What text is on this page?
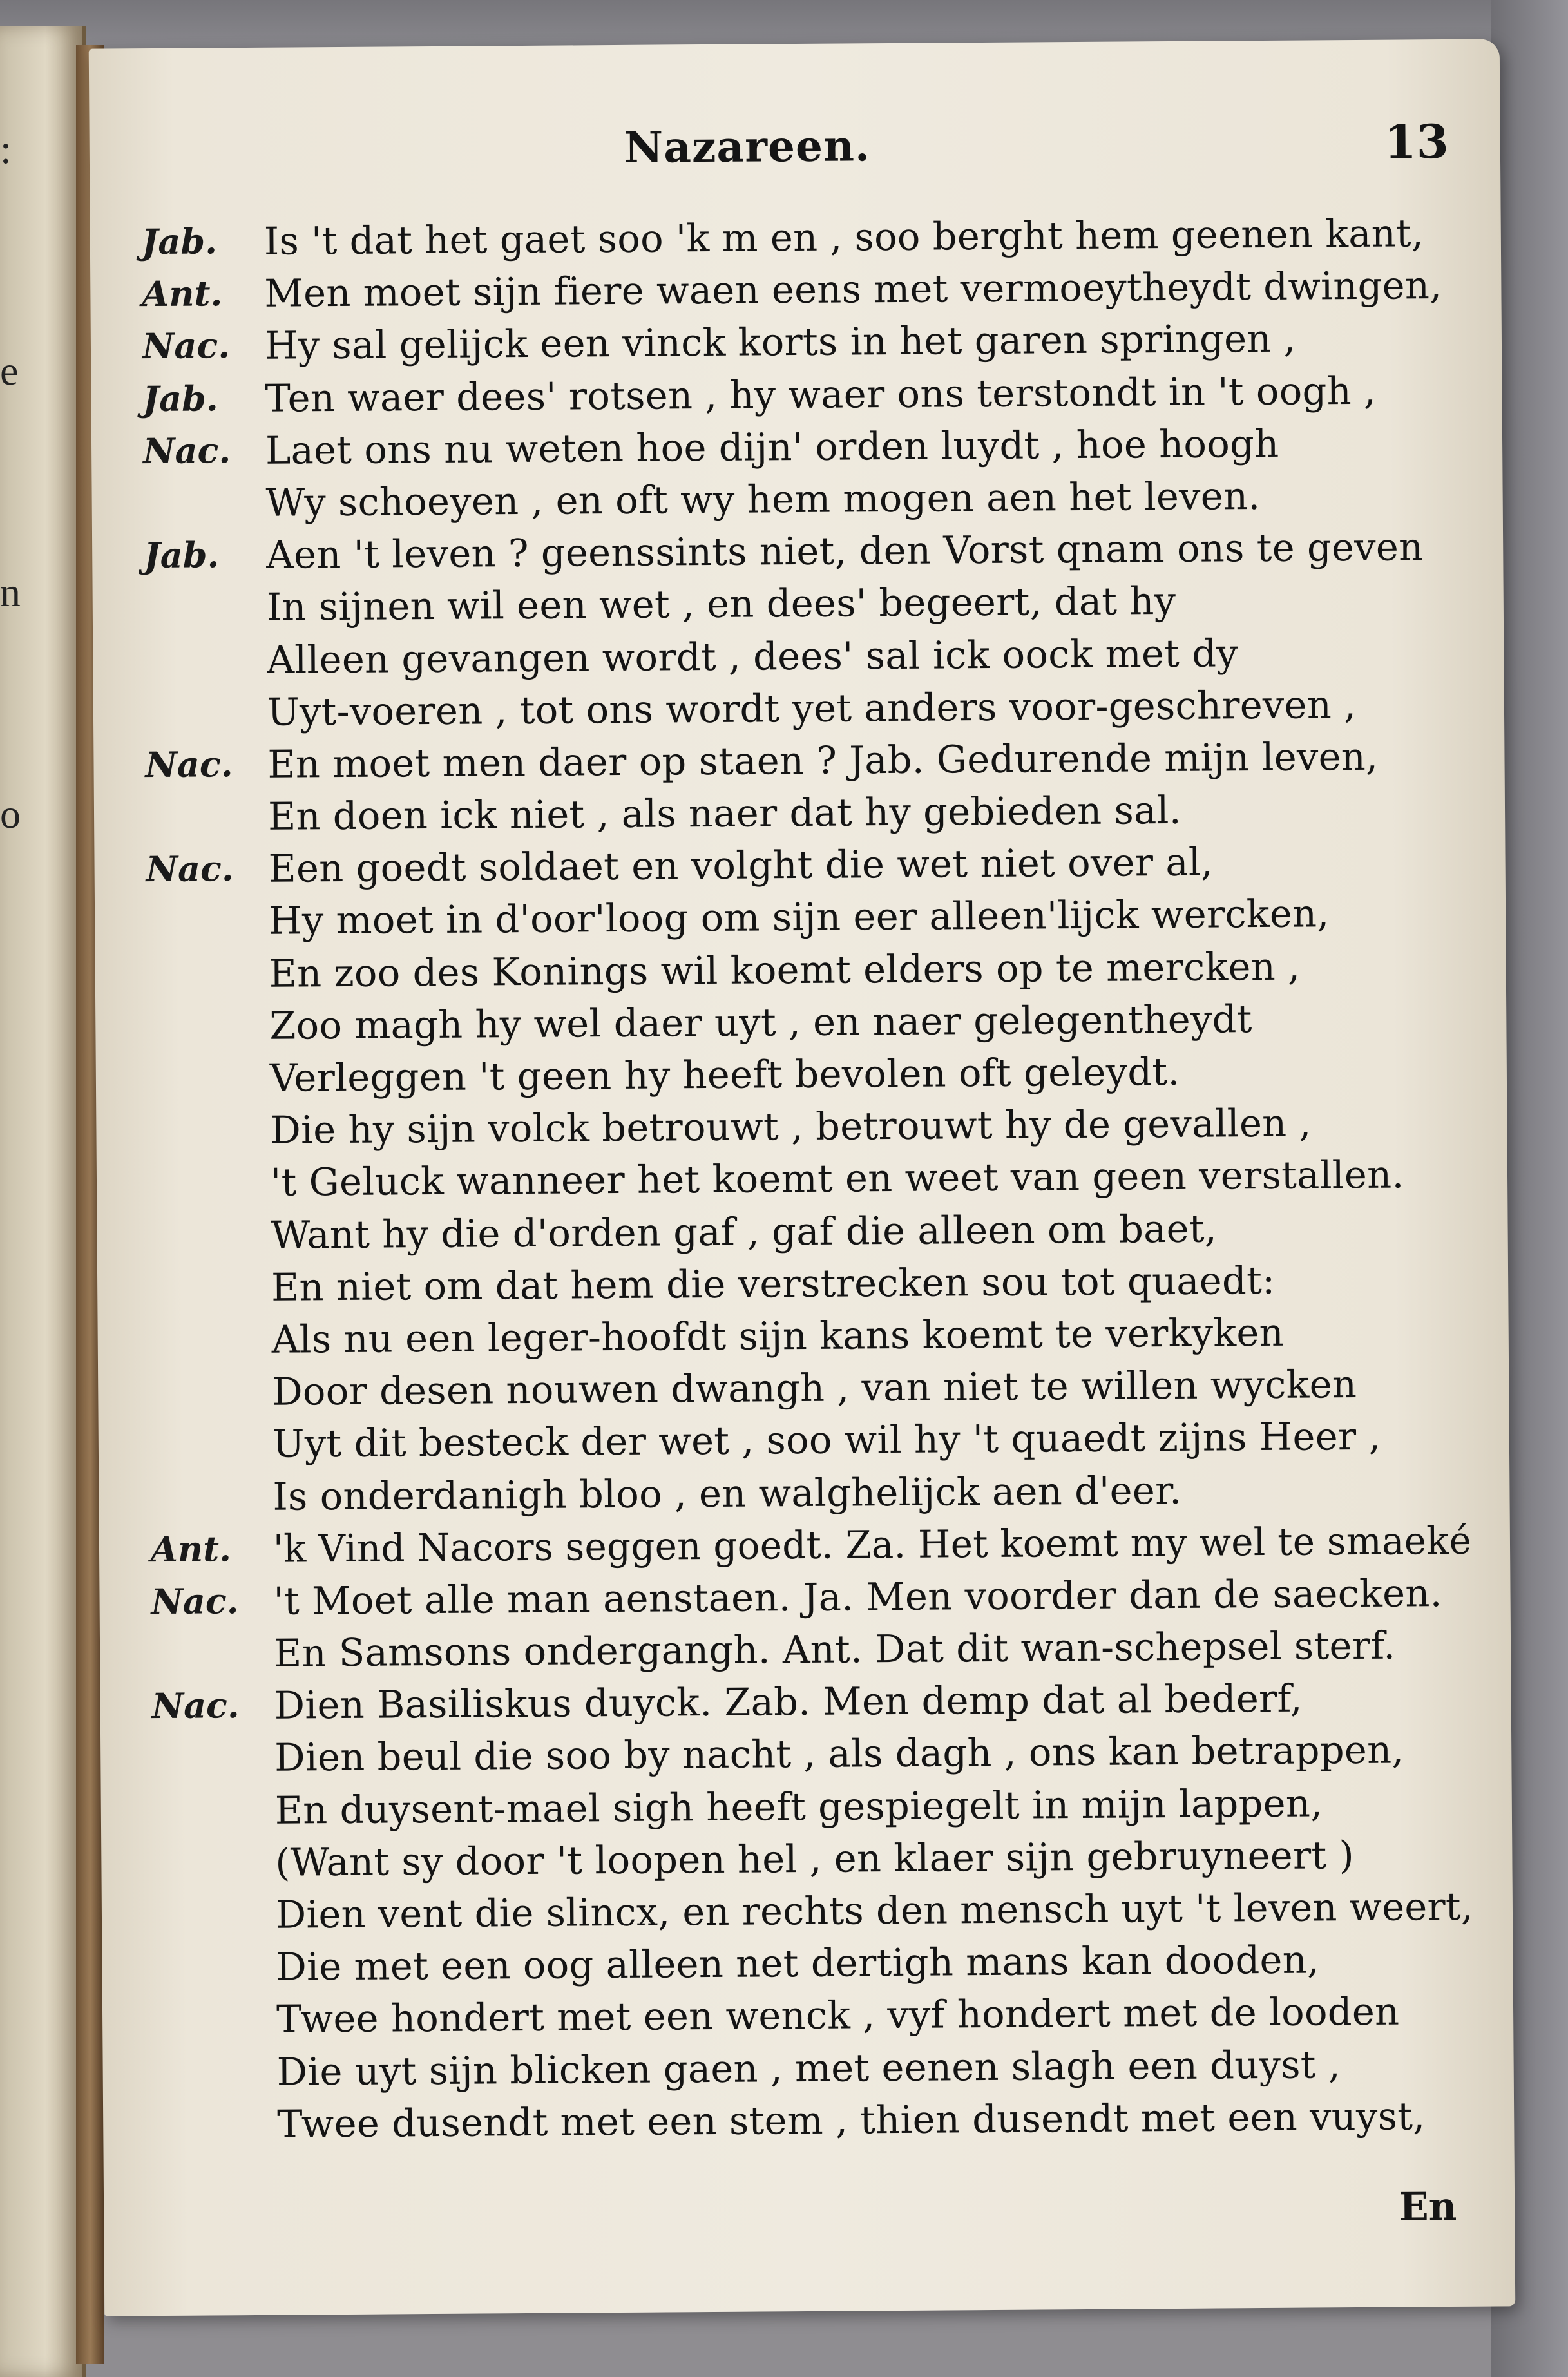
:
e
n
o
Nazareen.	13
Jab.	Is 't dat het gaet soo 'k m en , soo berght hem geenen kant,
Ant.	Men moet sijn fiere waen eens met vermoeytheydt dwingen,
Nac. Hy sal gelijck een vinck korts in het garen springen ,
Jab.	Ten waer dees' rotsen , hy waer ons terstondt in 't oogh ,
Nac. Laet ons nu weten hoe dijn' orden luydt , hoe hoogh
Wy schoeyen , en oft wy hem mogen aen het leven.
Jab.	Aen 't leven ? geenssints niet, den Vorst qnam ons te geven
In sijnen wil een wet , en dees' begeert, dat hy
Alleen gevangen wordt , dees' sal ick oock met dy
Uyt-voeren , tot ons wordt yet anders voor-geschreven ,
Nac. En moet men daer op staen ? Jab. Gedurende mijn leven,
En doen ick niet , als naer dat hy gebieden sal.
Nac. Een goedt soldaet en volght die wet niet over al,
Hy moet in d'oor'loog om sijn eer alleen'lijck wercken,
En zoo des Konings wil koemt elders op te mercken ,
Zoo magh hy wel daer uyt , en naer gelegentheydt
Verleggen 't geen hy heeft bevolen oft geleydt.
Die hy sijn volck betrouwt , betrouwt hy de gevallen ,
't Geluck wanneer het koemt en weet van geen verstallen.
Want hy die d'orden gaf , gaf die alleen om baet,
En niet om dat hem die verstrecken sou tot quaedt:
Als nu een leger-hoofdt sijn kans koemt te verkyken
Door desen nouwen dwangh , van niet te willen wycken
Uyt dit besteck der wet , soo wil hy 't quaedt zijns Heer ,
Is onderdanigh bloo , en walghelijck aen d'eer.
Ant.	'k Vind Nacors seggen goedt. Za. Het koemt my wel te smaeké
Nac. 't Moet alle man aenstaen. Ja. Men voorder dan de saecken.
En Samsons ondergangh. Ant. Dat dit wan-schepsel sterf.
Nac. Dien Basiliskus duyck. Zab. Men demp dat al bederf,
Dien beul die soo by nacht , als dagh , ons kan betrappen,
En duysent-mael sigh heeft gespiegelt in mijn lappen,
(Want sy door 't loopen hel , en klaer sijn gebruyneert )
Dien vent die slincx, en rechts den mensch uyt 't leven weert,
Die met een oog alleen net dertigh mans kan dooden,
Twee hondert met een wenck , vyf hondert met de looden
Die uyt sijn blicken gaen , met eenen slagh een duyst ,
Twee dusendt met een stem , thien dusendt met een vuyst,
En
